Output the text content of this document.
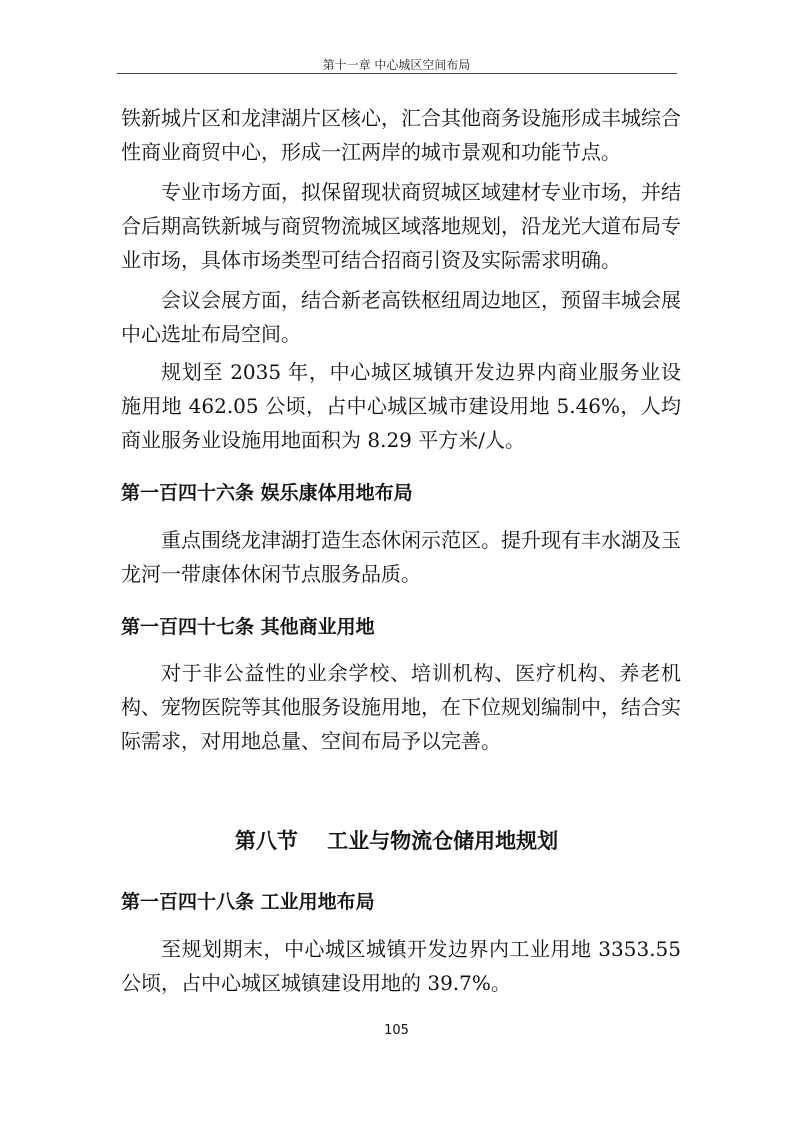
第十一章 中心城区空间布局

铁新城片区和龙津湖片区核心，汇合其他商务设施形成丰城综合性商业商贸中心，形成一江两岸的城市景观和功能节点。

专业市场方面，拟保留现状商贸城区域建材专业市场，并结合后期高铁新城与商贸物流城区域落地规划，沿龙光大道布局专业市场，具体市场类型可结合招商引资及实际需求明确。

会议会展方面，结合新老高铁枢纽周边地区，预留丰城会展中心选址布局空间。

规划至 2035 年，中心城区城镇开发边界内商业服务业设施用地 462.05 公顷，占中心城区城市建设用地 5.46%，人均商业服务业设施用地面积为 8.29 平方米/人。

第一百四十六条 娱乐康体用地布局

重点围绕龙津湖打造生态休闲示范区。提升现有丰水湖及玉龙河一带康体休闲节点服务品质。

第一百四十七条 其他商业用地

对于非公益性的业余学校、培训机构、医疗机构、养老机构、宠物医院等其他服务设施用地，在下位规划编制中，结合实际需求，对用地总量、空间布局予以完善。

第八节    工业与物流仓储用地规划
第一百四十八条 工业用地布局

至规划期末，中心城区城镇开发边界内工业用地 3353.55 公顷，占中心城区城镇建设用地的 39.7%。

105
